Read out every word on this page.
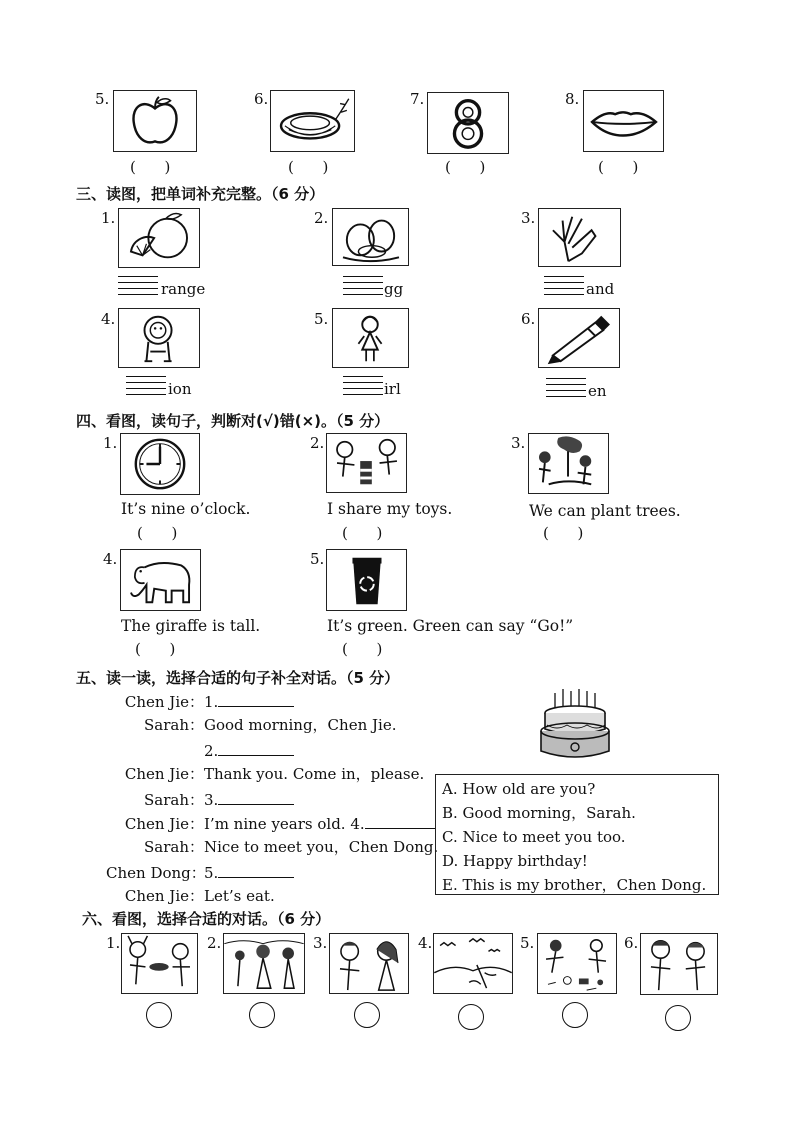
5.
(      )
6.
(      )
7.
(      )
8.
(      )
三、读图，把单词补充完整。（6 分）
1.
range
2.
gg
3.
and
4.
ion
5.
irl
6.
en
四、看图，读句子，判断对(√)错(×)。（5 分）
1.
It’s nine o’clock.
(      )
2.
I share my toys.
(      )
3.
We can plant trees.
(      )
4.
The giraffe is tall.
(      )
5.
It’s green. Green can say “Go!”
(      )
五、读一读，选择合适的句子补全对话。（5 分）
Chen Jie：1.
Sarah：Good morning，Chen Jie.
2.
Chen Jie：Thank you. Come in，please.
Sarah：3.
Chen Jie：I’m nine years old. 4.
Sarah：Nice to meet you，Chen Dong.
Chen Dong：5.
Chen Jie：Let’s eat.
A. How old are you?
B. Good morning，Sarah.
C. Nice to meet you too.
D. Happy birthday!
E. This is my brother，Chen Dong.
六、看图，选择合适的对话。（6 分）
1.	2.	3.	4.	5.	6.
